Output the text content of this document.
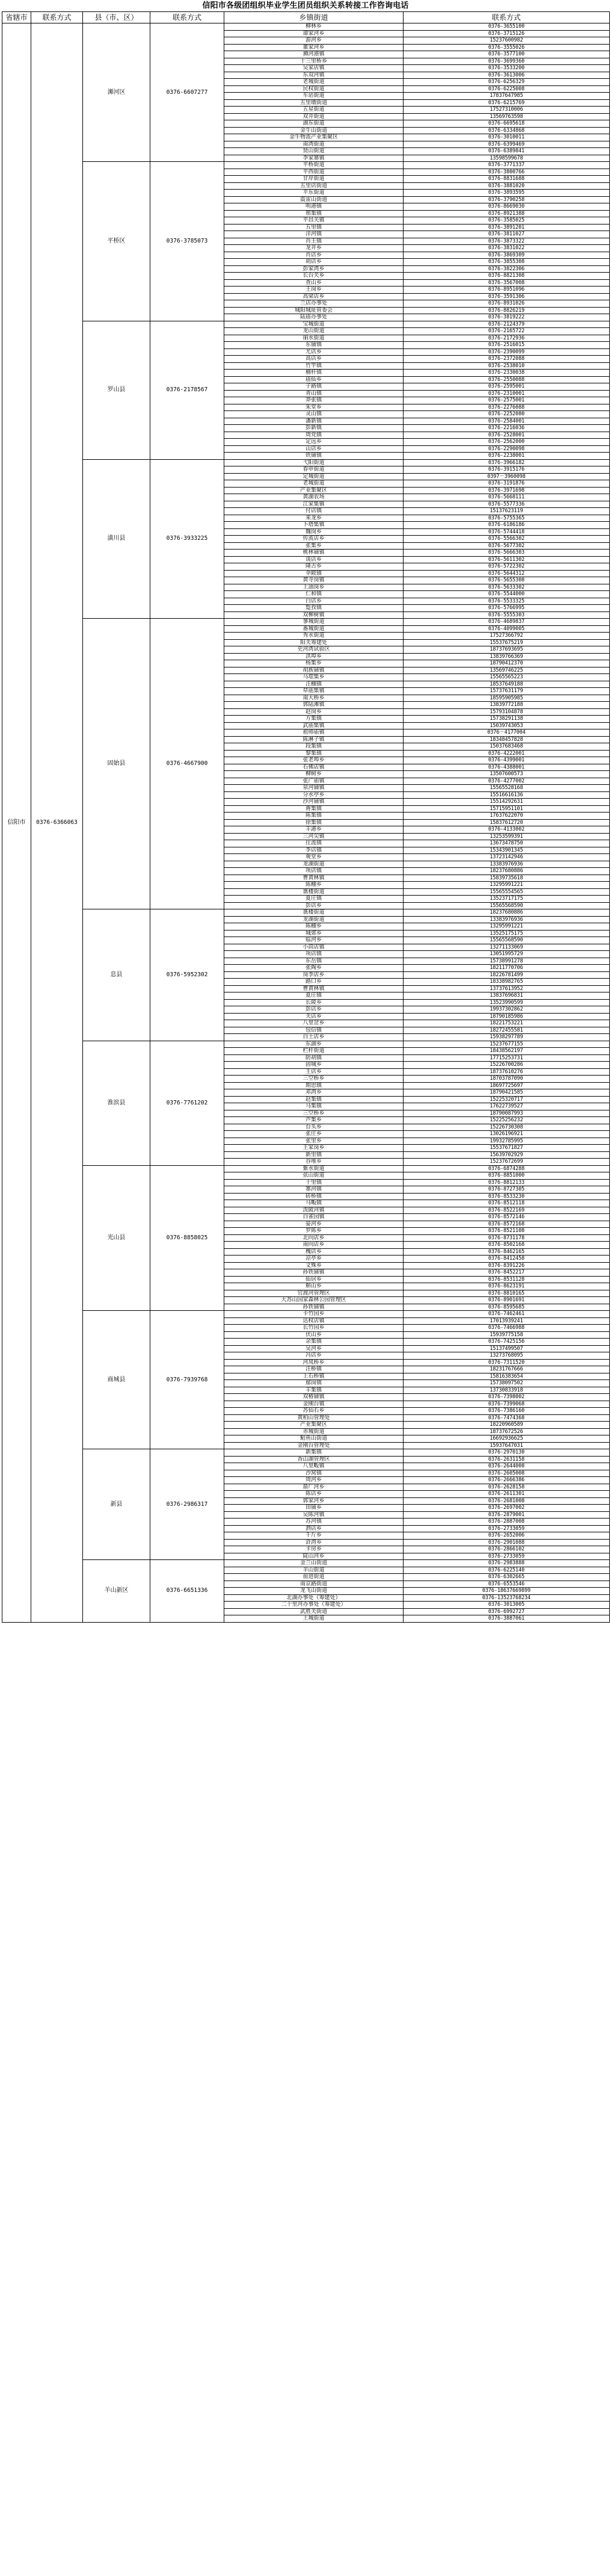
信阳市各级团组织毕业学生团员组织关系转接工作咨询电话
省辖市	联系方式	县（市、区）	联系方式	乡镇街道	联系方式
信阳市	0376-6366063	浉河区	0376-6607277	柳林乡	0376-3655100
				谭家河乡	0376-3715126
				游河乡	15237600982
				董家河乡	0376-3555026
				浉河港镇	0376-3577100
				十三里桥乡	0376-3699360
				吴家店镇	0376-3533200
				东双河镇	0376-3613006
				老城街道	0376-6256329
				民权街道	0376-6225008
				车站街道	17837647985
				五里墩街道	0376-6215769
				五星街道	17527310006
				双井街道	13569763598
				湖东街道	0376-6695618
				金牛山街道	0376-6334868
				金牛物流产业集聚区	0376-3010011
				南湾街道	0376-6399469
				贤山街道	0376-6389841
				李家寨镇	13598599678
		平桥区	0376-3785073	平桥街道	0376-3771337
				平西街道	0376-3800766
				甘岸街道	0376-8831688
				五里店街道	0376-3881020
				平东街道	0376-3893595
				震雷山街道	0376-3790258
				明港镇	0376-8669030
				邢集镇	0376-8921388
				平昌关镇	0376-3585025
				五里镇	0376-3891201
				洋河镇	0376-3811027
				肖王镇	0376-3873322
				龙井乡	0376-3831022
				肖店乡	0376-3869309
				胡店乡	0376-3855308
				彭家湾乡	0376-3822306
				长台关乡	0376-8821308
				查山乡	0376-3567008
				王岗乡	0376-8951096
				高梁店乡	0376-3591306
				兰店办事处	0376-8931026
				城阳城址管委会	0376-8826219
				陆庙办事处	0376-3819222
		罗山县	0376-2178567	宝城街道	0376-2124379
				龙山街道	0376-2165722
				丽水街道	0376-2172936
				东铺镇	0376-2516015
				尤店乡	0376-2390099
				高店乡	0376-2372088
				竹竿镇	0376-2538010
				楠杆镇	0376-2330038
				庙仙乡	0376-2550088
				子路镇	0376-2595001
				青山镇	0376-2310001
				莽张镇	0376-2575001
				朱堂乡	0376-2276088
				灵山镇	0376-2252080
				潘新镇	0376-2584001
				彭新镇	0376-2216036
				周党镇	0376-2528001
				定远乡	0376-2562000
				山店乡	0376-2290098
				铁铺镇	0376-2238001
		潢川县	0376-3933225	弋阳街道	0376-3966182
				春申街道	0376-3915176
				定城街道	0397－3960098
				老城街道	0376-3191876
				产业集聚区	0376-3971698
				黄湖农场	0376-5668111
				江家集镇	0376-5577336
				付店镇	15137623119
				来龙乡	0376-5755365
				卜塔集镇	0376-6186186
				魏岗乡	0376-5744418
				传流店乡	0376-5566302
				张集乡	0376-5677302
				桃林铺镇	0376-5666303
				谈店乡	0376-5611302
				隆古乡	0376-5722302
				伞陂镇	0376-5644312
				黄寺岗镇	0376-5655308
				上油岗乡	0376-5633302
				仁和镇	0376-5544000
				白店乡	0376-5533325
				踅孜镇	0376-5766995
				双柳树镇	0376-5555303
		固始县	0376-4667900	蓼城街道	0376-4689837
				番城街道	0376-4099005
				秀水街道	17527366792
				阳关筹建处	15537675219
				史河湾试验区	18737693695
				洪埠乡	13839766369
				杨集乡	18790412370
				胡族铺镇	13569746225
				马堽集乡	15565565223
				汪棚镇	18537649188
				草庙集镇	15737631179
				南大桥乡	18595905985
				郭陆滩镇	13839772188
				赵岗乡	15793104878
				方集镇	15738291138
				武庙集镇	15039743053
				祖师庙镇	0376－4177004
				陈淋子镇	18348457828
				段集镇	15037683468
				黎集镇	0376-4222001
				张老埠乡	0376-4399001
				石佛店镇	0376-4388001
				柳树乡	13507600573
				张广庙镇	0376-4277002
				泉河铺镇	15565528168
				分水亭乡	15516616136
				沙河铺镇	15514292631
				蒋集镇	15715951101
				陈集镇	17637622070
				徐集镇	15837612720
				丰港乡	0376-4133002
				三河尖镇	13253599391
				往流镇	13673478750
				李店镇	15343901345
				观堂乡	13723142946
				龙湖街道	13383976936
				项店镇	18237680886
				曹黄林镇	15839735618
				陈棚乡	13295991221
				谯楼街道	15565554565
				夏庄镇	13523717175
				彭店乡	15565568590
		息县	0376-5952302	谯楼街道	18237680886
				龙湖街道	13383976936
				陈棚乡	13295991221
				城郊乡	13525175175
				临河乡	15565568590
				小茴店镇	13271133069
				项店镇	13051995729
				东岳镇	15738991278
				张陶乡	18211770706
				岗李店乡	18226781499
				路口乡	18338982765
				曹黄林镇	13737613952
				夏庄镇	13837696831
				长陵乡	13523990599
				彭店乡	19937302862
				关店乡	18790185986
				八里岔乡	18221753221
				包信镇	18272455581
				白土店乡	15938297789
		淮滨县	0376-7761202	东湖乡	15237677155
				栏杆街道	18438562197
				防胡镇	17715253731
				固城乡	15226700286
				王店乡	18737610276
				三空桥乡	18703787090
				期思镇	18697725697
				邓湾乡	18790421585
				赵集镇	15225320717
				马集镇	17622739527
				三空桥乡	18790087993
				芦集乡	15225256232
				台头乡	15226730308
				张庄乡	13026196921
				张里乡	19932785995
				王家岗乡	15537671827
				新里镇	15639702929
				谷堆乡	15237672699
		光山县	0376-8858025	紫水街道	0376-6874288
				弦山街道	0376-8851000
				十里镇	0376-8812133
				寨河镇	0376-8727305
				砖桥镇	0376-8533230
				马畈镇	0376-8512118
				泼陂河镇	0376-8522169
				白雀园镇	0376-8572146
				晏河乡	0376-8572168
				罗陈乡	0376-8521108
				北向店乡	0376-8731178
				南向店乡	0376-8502168
				槐店乡	0376-8462165
				凉亭乡	0376-8412458
				文殊乡	0376-8391226
				孙铁铺镇	0376-8452217
				仙居乡	0376-8531128
				斛山乡	0376-8623191
				官渡河管理区	0376-8810165
				大苏山国家森林公园管理区	0376-8901691
				孙铁铺镇	0376-8595685
		商城县	0376-7939768	卡竹园乡	0376-7462461
				达权店镇	17013939241
				长竹园乡	0376-7466988
				伏山乡	15939775158
				余集镇	0376-7425156
				吴河乡	15137499507
				冯店乡	13273768095
				河凤桥乡	0376-7311520
				汪桥镇	18231767666
				上石桥镇	15816383654
				鄢岗镇	15738097502
				丰集镇	13730833918
				双椿铺镇	0376-7398002
				金刚台镇	0376-7399068
				苏仙石乡	0376-7386160
				黄柏山管理处	0376-7474368
				产业集聚区	18220960589
				赤城街道	18737672526
				鲇鱼山街道	16692936625
				金刚台管理处	15937647031
		新县	0376-2986317	新集镇	0376-2970130
				香山湖管理区	0376-2631158
				八里畈镇	0376-2644008
				沙窝镇	0376-2605008
				周河乡	0376-2666386
				箭厂河乡	0376-2628158
				陈店乡	0376-2611301
				郭家河乡	0376-2681008
				田铺乡	0376-2697002
				吴陈河镇	0376-2879001
				苏河镇	0376-2887008
				泗店乡	0376-2733059
				千斤乡	0376-2652006
				浒湾乡	0376-2901088
				卡房乡	0376-2866102
				陡山河乡	0376-2733059
		羊山新区	0376-6651336	金兰山街道	0376-2983888
				羊山街道	0376-6225140
				前进街道	0376-6302665
				南京路街道	0376-6553546
				龙飞山街道	0376-18637669899
				北湖办事处（筹建处）	0376-13523768234
				二十里河办事处（筹建处）	0376-3013005
				武胜关街道	0376-6992727
				土城街道	0376-3887061
